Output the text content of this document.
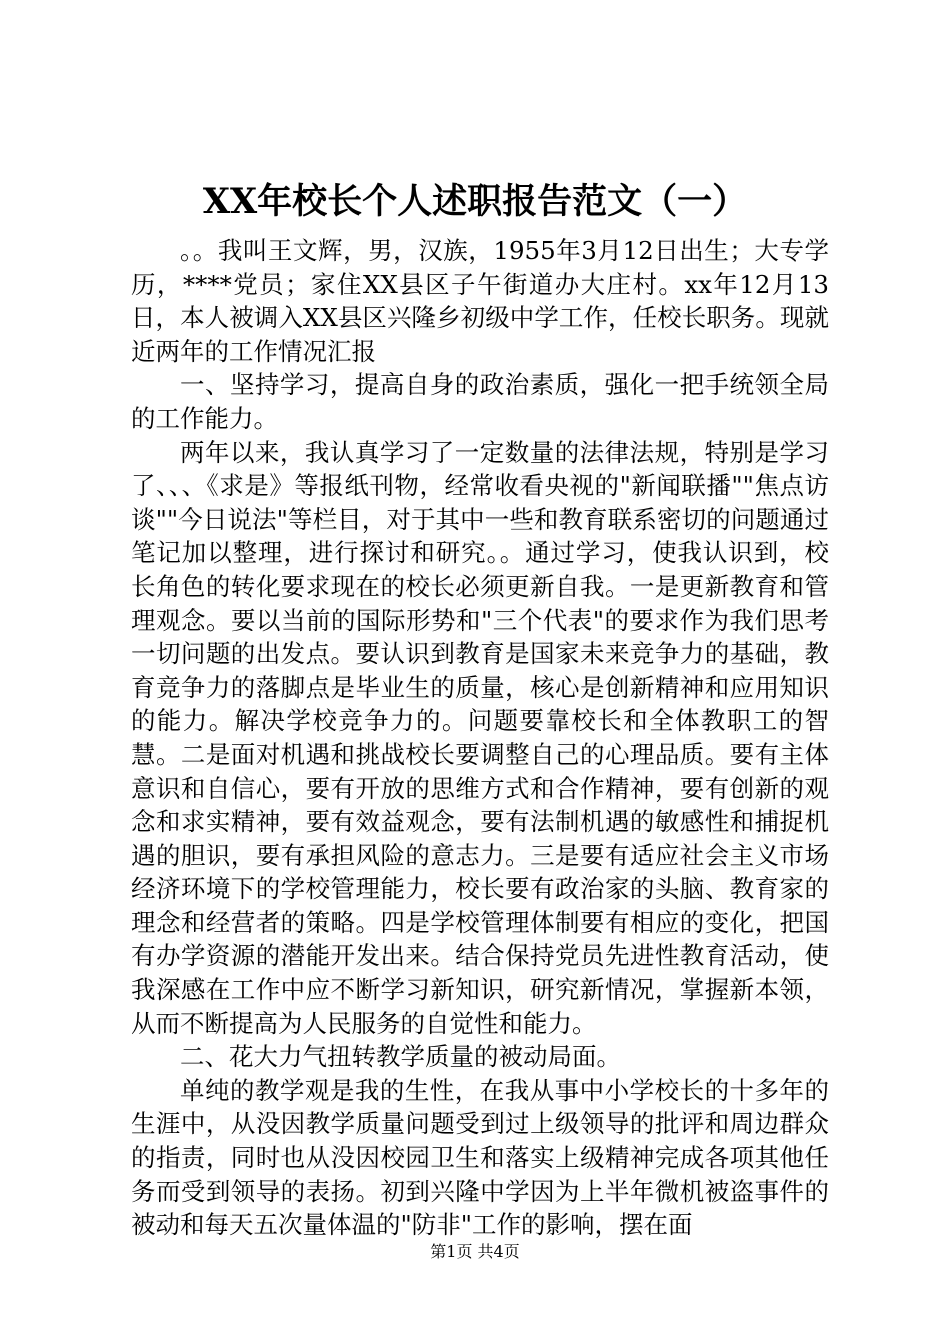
XX年校长个人述职报告范文（一）

。。我叫王文辉，男，汉族，1955年3月12日出生；大专学历，****党员；家住XX县区子午街道办大庄村。xx年12月13日，本人被调入XX县区兴隆乡初级中学工作，任校长职务。现就近两年的工作情况汇报

一、坚持学习，提高自身的政治素质，强化一把手统领全局的工作能力。

两年以来，我认真学习了一定数量的法律法规，特别是学习了、、、《求是》等报纸刊物，经常收看央视的"新闻联播""焦点访谈""今日说法"等栏目，对于其中一些和教育联系密切的问题通过笔记加以整理，进行探讨和研究。。通过学习，使我认识到，校长角色的转化要求现在的校长必须更新自我。一是更新教育和管理观念。要以当前的国际形势和"三个代表"的要求作为我们思考一切问题的出发点。要认识到教育是国家未来竞争力的基础，教育竞争力的落脚点是毕业生的质量，核心是创新精神和应用知识的能力。解决学校竞争力的。问题要靠校长和全体教职工的智慧。二是面对机遇和挑战校长要调整自己的心理品质。要有主体意识和自信心，要有开放的思维方式和合作精神，要有创新的观念和求实精神，要有效益观念，要有法制机遇的敏感性和捕捉机遇的胆识，要有承担风险的意志力。三是要有适应社会主义市场经济环境下的学校管理能力，校长要有政治家的头脑、教育家的理念和经营者的策略。四是学校管理体制要有相应的变化，把国有办学资源的潜能开发出来。结合保持党员先进性教育活动，使我深感在工作中应不断学习新知识，研究新情况，掌握新本领，从而不断提高为人民服务的自觉性和能力。

二、花大力气扭转教学质量的被动局面。

单纯的教学观是我的生性，在我从事中小学校长的十多年的生涯中，从没因教学质量问题受到过上级领导的批评和周边群众的指责，同时也从没因校园卫生和落实上级精神完成各项其他任务而受到领导的表扬。初到兴隆中学因为上半年微机被盗事件的被动和每天五次量体温的"防非"工作的影响，摆在面

第1页 共4页
